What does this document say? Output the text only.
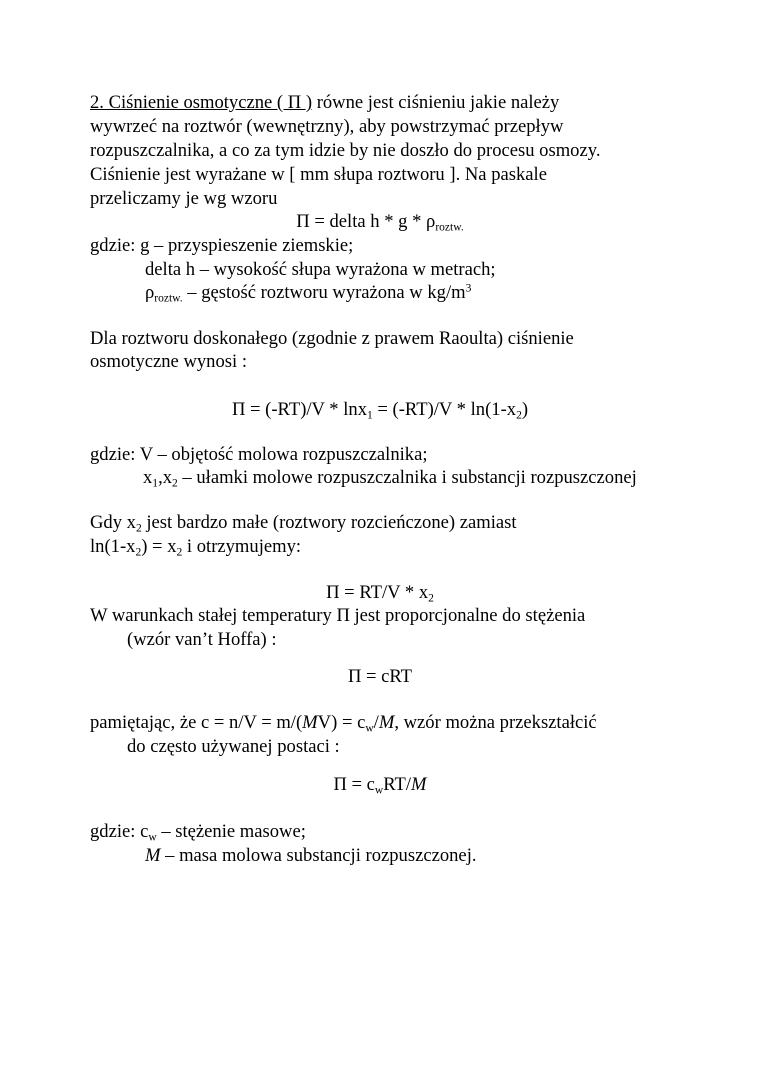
2. Ciśnienie osmotyczne ( Π ) równe jest ciśnieniu jakie należy
wywrzeć na roztwór (wewnętrzny), aby powstrzymać przepływ
rozpuszczalnika, a co za tym idzie by nie doszło do procesu osmozy.
Ciśnienie jest wyrażane w [ mm słupa roztworu ]. Na paskale
przeliczamy je wg wzoru
Π = delta h * g * $\rho_{roztw.}$
gdzie: g – przyspieszenie ziemskie;
delta h – wysokość słupa wyrażona w metrach;
$\rho_{roztw.}$ – gęstość roztworu wyrażona w $kg/m^3$
Dla roztworu doskonałego (zgodnie z prawem Raoulta) ciśnienie
osmotyczne wynosi :
$\Pi = (-RT)/V * \ln x_1 = (-RT)/V * \ln(1-x_2)$
gdzie: V – objętość molowa rozpuszczalnika;
$x_1,x_2$ – ułamki molowe rozpuszczalnika i substancji rozpuszczonej
Gdy $x_2$ jest bardzo małe (roztwory rozcieńczone) zamiast
$\ln(1-x_2) = x_2$ i otrzymujemy:
$\Pi = RT/V * x_2$
W warunkach stałej temperatury Π jest proporcjonalne do stężenia
(wzór van’t Hoffa) :
Π = cRT
pamiętając, że $c = n/V = m/(MV) = c_w/M$, wzór można przekształcić
do często używanej postaci :
$\Pi = c_wRT/M$
gdzie: $c_w$ – stężenie masowe;
M – masa molowa substancji rozpuszczonej.
